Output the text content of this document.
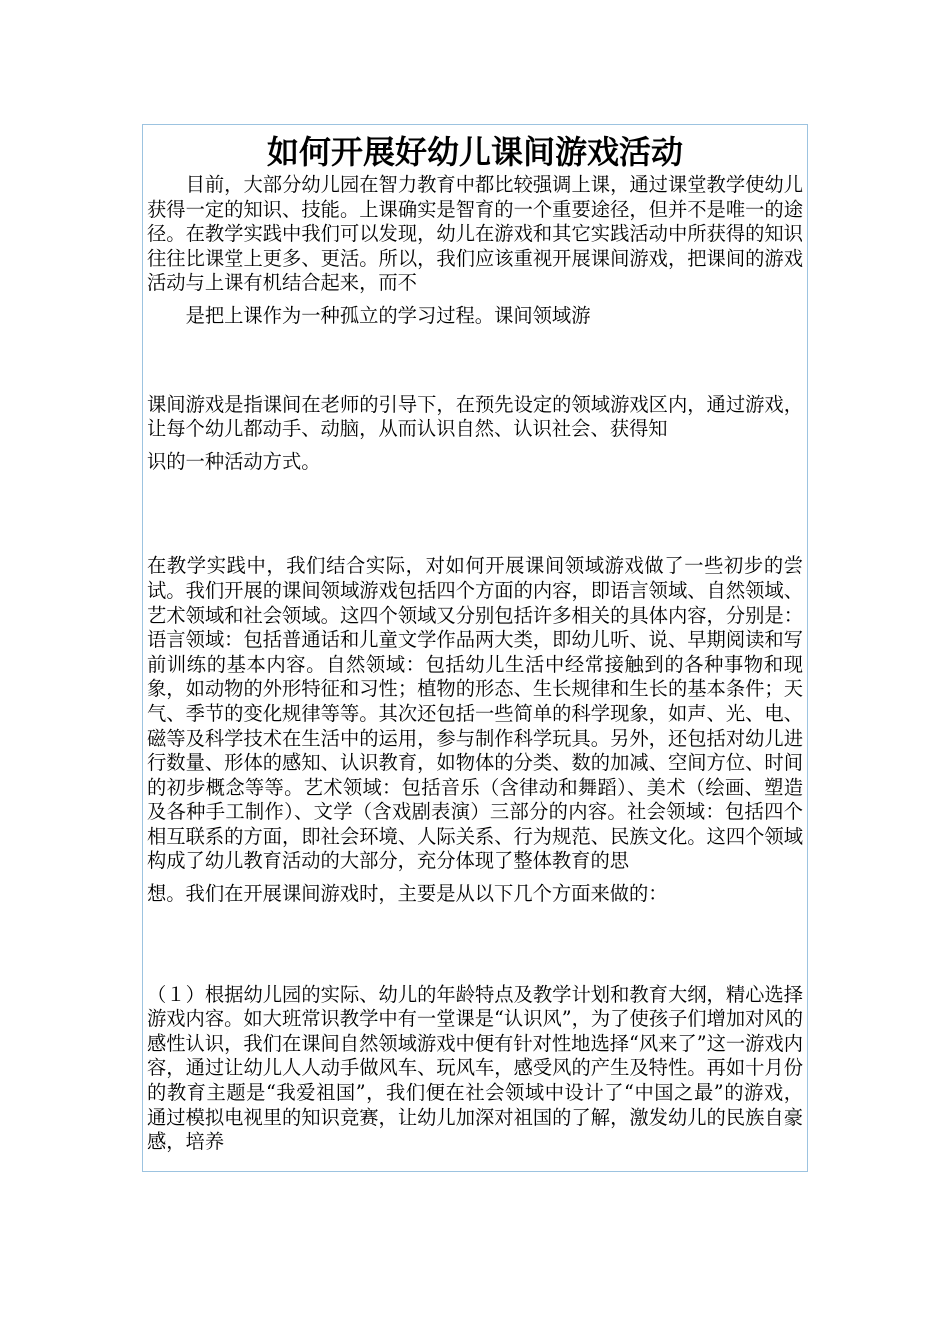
如何开展好幼儿课间游戏活动

目前，大部分幼儿园在智力教育中都比较强调上课，通过课堂教学使幼儿获得一定的知识、技能。上课确实是智育的一个重要途径，但并不是唯一的途径。在教学实践中我们可以发现，幼儿在游戏和其它实践活动中所获得的知识往往比课堂上更多、更活。所以，我们应该重视开展课间游戏，把课间的游戏活动与上课有机结合起来，而不
是把上课作为一种孤立的学习过程。课间领域游

课间游戏是指课间在老师的引导下，在预先设定的领域游戏区内，通过游戏，让每个幼儿都动手、动脑，从而认识自然、认识社会、获得知
识的一种活动方式。

在教学实践中，我们结合实际，对如何开展课间领域游戏做了一些初步的尝试。我们开展的课间领域游戏包括四个方面的内容，即语言领域、自然领域、艺术领域和社会领域。这四个领域又分别包括许多相关的具体内容，分别是：语言领域：包括普通话和儿童文学作品两大类，即幼儿听、说、早期阅读和写前训练的基本内容。自然领域：包括幼儿生活中经常接触到的各种事物和现象，如动物的外形特征和习性；植物的形态、生长规律和生长的基本条件；天气、季节的变化规律等等。其次还包括一些简单的科学现象，如声、光、电、磁等及科学技术在生活中的运用，参与制作科学玩具。另外，还包括对幼儿进行数量、形体的感知、认识教育，如物体的分类、数的加减、空间方位、时间的初步概念等等。艺术领域：包括音乐（含律动和舞蹈）、美术（绘画、塑造及各种手工制作）、文学（含戏剧表演）三部分的内容。社会领域：包括四个相互联系的方面，即社会环境、人际关系、行为规范、民族文化。这四个领域构成了幼儿教育活动的大部分，充分体现了整体教育的思
想。我们在开展课间游戏时，主要是从以下几个方面来做的：

（１）根据幼儿园的实际、幼儿的年龄特点及教学计划和教育大纲，精心选择游戏内容。如大班常识教学中有一堂课是“认识风”，为了使孩子们增加对风的感性认识，我们在课间自然领域游戏中便有针对性地选择“风来了”这一游戏内容，通过让幼儿人人动手做风车、玩风车，感受风的产生及特性。再如十月份的教育主题是“我爱祖国”，我们便在社会领域中设计了“中国之最”的游戏，通过模拟电视里的知识竞赛，让幼儿加深对祖国的了解，激发幼儿的民族自豪感，培养
